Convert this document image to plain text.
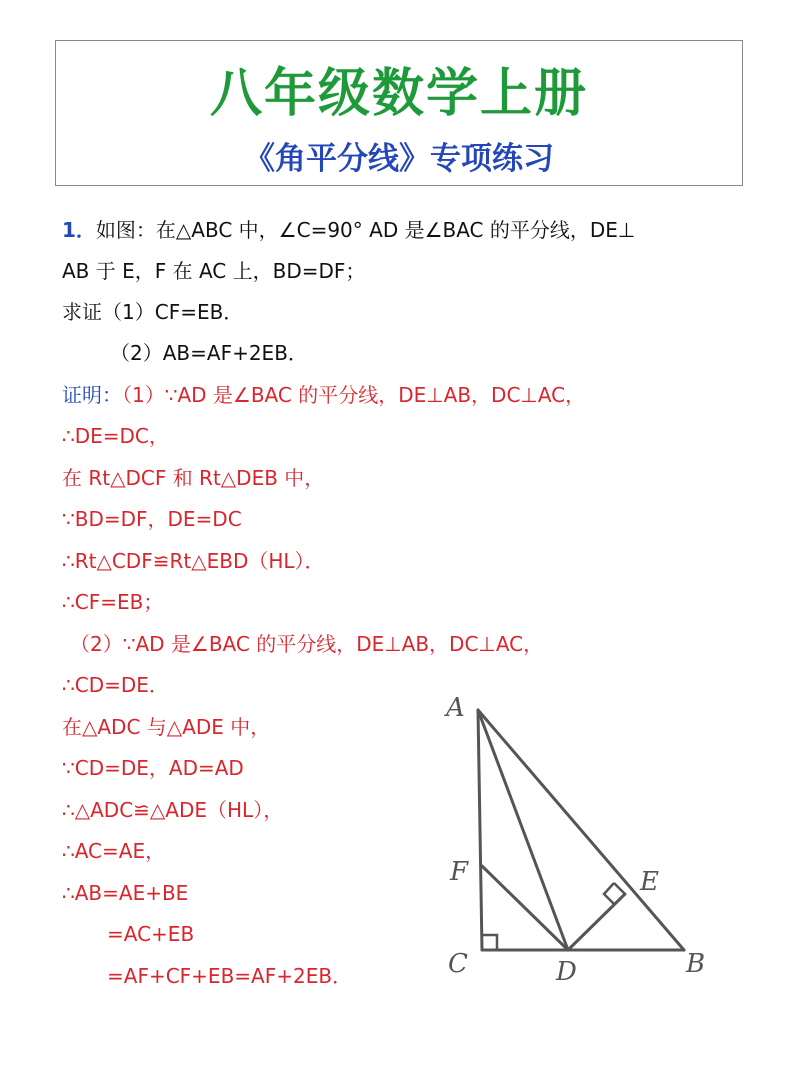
八年级数学上册
《角平分线》专项练习
1．如图：在△ABC 中，∠C=90° AD 是∠BAC 的平分线，DE⊥
AB 于 E，F 在 AC 上，BD=DF；
求证（1）CF=EB．
（2）AB=AF+2EB．
证明：（1）∵AD 是∠BAC 的平分线，DE⊥AB，DC⊥AC，
∴DE=DC，
在 Rt△DCF 和 Rt△DEB 中，
∵BD=DF，DE=DC
∴Rt△CDF≌Rt△EBD（HL）．
∴CF=EB；
（2）∵AD 是∠BAC 的平分线，DE⊥AB，DC⊥AC，
∴CD=DE．
在△ADC 与△ADE 中，
∵CD=DE，AD=AD
∴△ADC≌△ADE（HL），
∴AC=AE，
∴AB=AE+BE
=AC+EB
=AF+CF+EB=AF+2EB．
A
F
C	D
E
B
